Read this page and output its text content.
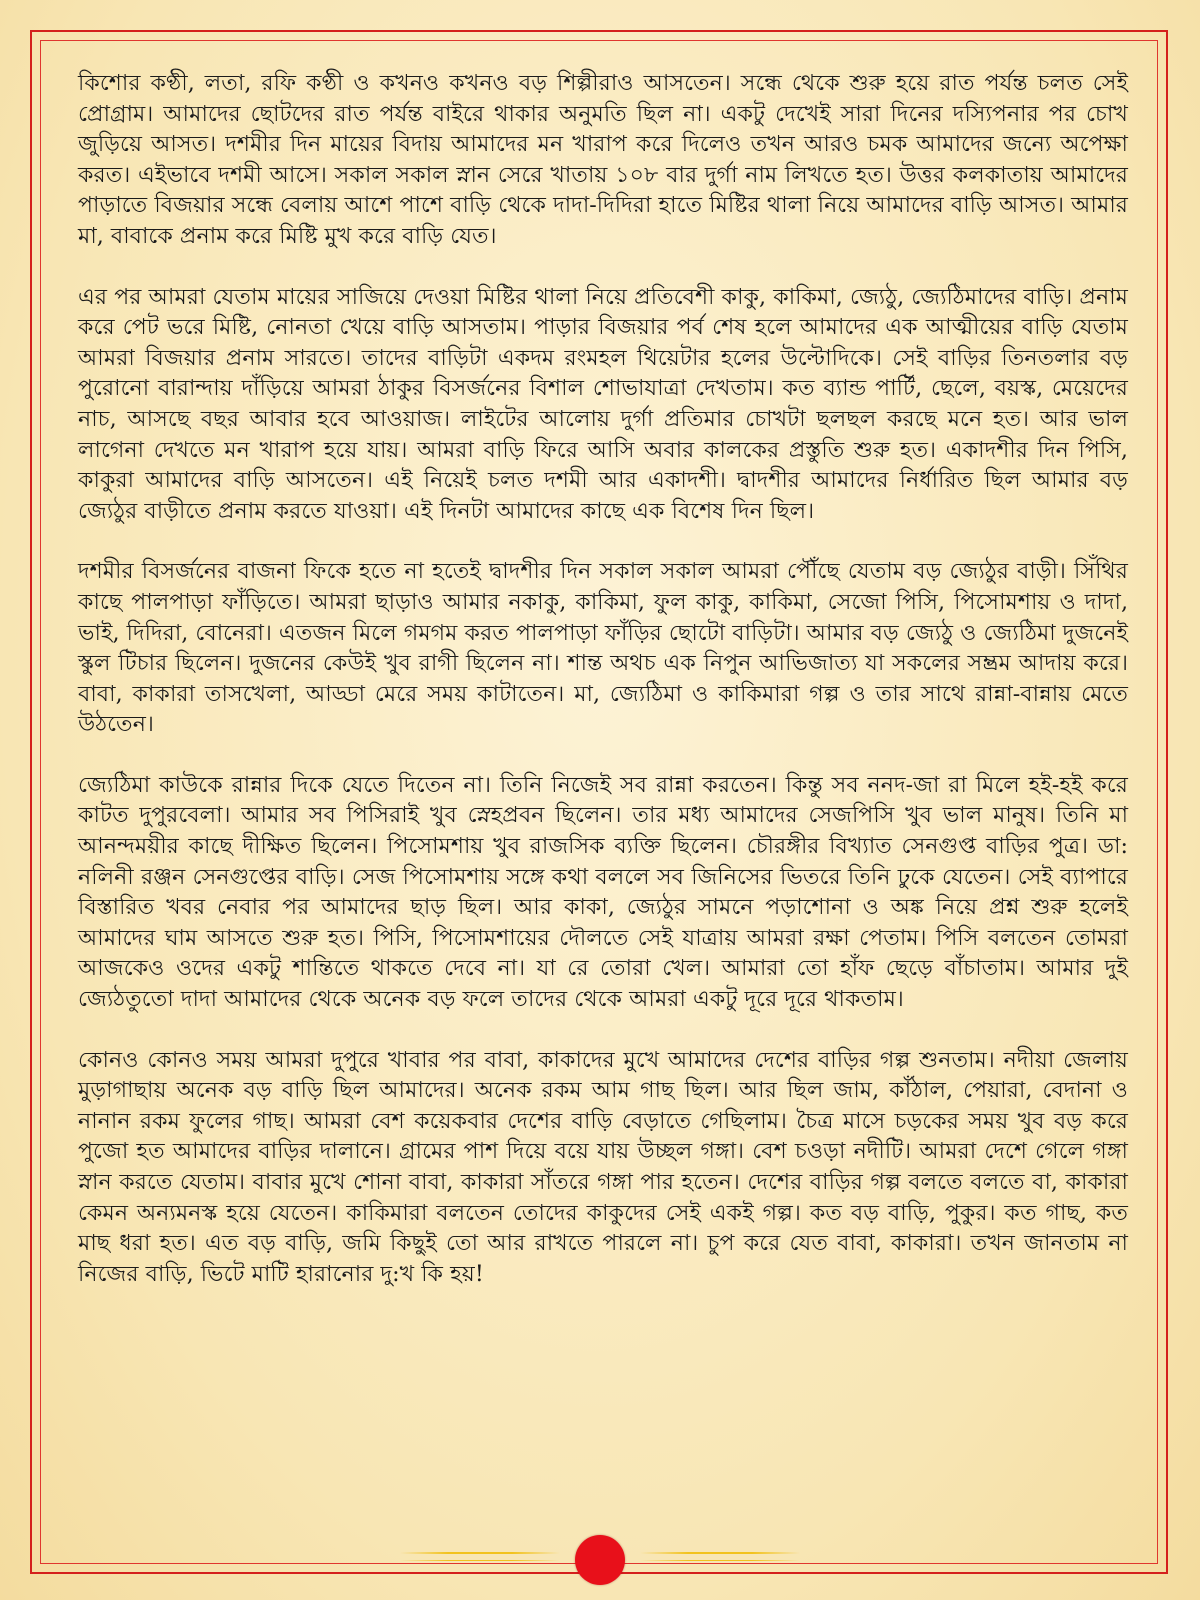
কিশোর কণ্ঠী, লতা, রফি কণ্ঠী ও কখনও কখনও বড় শিল্পীরাও আসতেন। সন্ধে থেকে শুরু হয়ে রাত পর্যন্ত চলত সেই প্রোগ্রাম। আমাদের ছোটদের রাত পর্যন্ত বাইরে থাকার অনুমতি ছিল না। একটু দেখেই সারা দিনের দস্যিপনার পর চোখ জুড়িয়ে আসত। দশমীর দিন মায়ের বিদায় আমাদের মন খারাপ করে দিলেও তখন আরও চমক আমাদের জন্যে অপেক্ষা করত। এইভাবে দশমী আসে। সকাল সকাল স্নান সেরে খাতায় ১০৮ বার দুর্গা নাম লিখতে হত। উত্তর কলকাতায় আমাদের পাড়াতে বিজয়ার সন্ধে বেলায় আশে পাশে বাড়ি থেকে দাদা-দিদিরা হাতে মিষ্টির থালা নিয়ে আমাদের বাড়ি আসত। আমার মা, বাবাকে প্রনাম করে মিষ্টি মুখ করে বাড়ি যেত।

এর পর আমরা যেতাম মায়ের সাজিয়ে দেওয়া মিষ্টির থালা নিয়ে প্রতিবেশী কাকু, কাকিমা, জ্যেঠু, জ্যেঠিমাদের বাড়ি। প্রনাম করে পেট ভরে মিষ্টি, নোনতা খেয়ে বাড়ি আসতাম। পাড়ার বিজয়ার পর্ব শেষ হলে আমাদের এক আত্মীয়ের বাড়ি যেতাম আমরা বিজয়ার প্রনাম সারতে। তাদের বাড়িটা একদম রংমহল থিয়েটার হলের উল্টোদিকে। সেই বাড়ির তিনতলার বড় পুরোনো বারান্দায় দাঁড়িয়ে আমরা ঠাকুর বিসর্জনের বিশাল শোভাযাত্রা দেখতাম। কত ব্যান্ড পার্টি, ছেলে, বয়স্ক, মেয়েদের নাচ, আসছে বছর আবার হবে আওয়াজ। লাইটের আলোয় দুর্গা প্রতিমার চোখটা ছলছল করছে মনে হত। আর ভাল লাগেনা দেখতে মন খারাপ হয়ে যায়। আমরা বাড়ি ফিরে আসি অবার কালকের প্রস্তুতি শুরু হত। একাদশীর দিন পিসি, কাকুরা আমাদের বাড়ি আসতেন। এই নিয়েই চলত দশমী আর একাদশী। দ্বাদশীর আমাদের নির্ধারিত ছিল আমার বড় জ্যেঠুর বাড়ীতে প্রনাম করতে যাওয়া। এই দিনটা আমাদের কাছে এক বিশেষ দিন ছিল।

দশমীর বিসর্জনের বাজনা ফিকে হতে না হতেই দ্বাদশীর দিন সকাল সকাল আমরা পৌঁছে যেতাম বড় জ্যেঠুর বাড়ী। সিঁথির কাছে পালপাড়া ফাঁড়িতে। আমরা ছাড়াও আমার নকাকু, কাকিমা, ফুল কাকু, কাকিমা, সেজো পিসি, পিসোমশায় ও দাদা, ভাই, দিদিরা, বোনেরা। এতজন মিলে গমগম করত পালপাড়া ফাঁড়ির ছোটো বাড়িটা। আমার বড় জ্যেঠু ও জ্যেঠিমা দুজনেই স্কুল টিচার ছিলেন। দুজনের কেউই খুব রাগী ছিলেন না। শান্ত অথচ এক নিপুন আভিজাত্য যা সকলের সম্ভ্রম আদায় করে। বাবা, কাকারা তাসখেলা, আড্ডা মেরে সময় কাটাতেন। মা, জ্যেঠিমা ও কাকিমারা গল্প ও তার সাথে রান্না-বান্নায় মেতে উঠতেন।

জ্যেঠিমা কাউকে রান্নার দিকে যেতে দিতেন না। তিনি নিজেই সব রান্না করতেন। কিন্তু সব ননদ-জা রা মিলে হই-হই করে কাটত দুপুরবেলা। আমার সব পিসিরাই খুব স্নেহপ্রবন ছিলেন। তার মধ্য আমাদের সেজপিসি খুব ভাল মানুষ। তিনি মা আনন্দময়ীর কাছে দীক্ষিত ছিলেন। পিসোমশায় খুব রাজসিক ব্যক্তি ছিলেন। চৌরঙ্গীর বিখ্যাত সেনগুপ্ত বাড়ির পুত্র। ডা: নলিনী রঞ্জন সেনগুপ্তের বাড়ি। সেজ পিসোমশায় সঙ্গে কথা বললে সব জিনিসের ভিতরে তিনি ঢুকে যেতেন। সেই ব্যাপারে বিস্তারিত খবর নেবার পর আমাদের ছাড় ছিল। আর কাকা, জ্যেঠুর সামনে পড়াশোনা ও অঙ্ক নিয়ে প্রশ্ন শুরু হলেই আমাদের ঘাম আসতে শুরু হত। পিসি, পিসোমশায়ের দৌলতে সেই যাত্রায় আমরা রক্ষা পেতাম। পিসি বলতেন তোমরা আজকেও ওদের একটু শান্তিতে থাকতে দেবে না। যা রে তোরা খেল। আমারা তো হাঁফ ছেড়ে বাঁচাতাম। আমার দুই জ্যেঠতুতো দাদা আমাদের থেকে অনেক বড় ফলে তাদের থেকে আমরা একটু দূরে দূরে থাকতাম।

কোনও কোনও সময় আমরা দুপুরে খাবার পর বাবা, কাকাদের মুখে আমাদের দেশের বাড়ির গল্প শুনতাম। নদীয়া জেলায় মুড়াগাছায় অনেক বড় বাড়ি ছিল আমাদের। অনেক রকম আম গাছ ছিল। আর ছিল জাম, কাঁঠাল, পেয়ারা, বেদানা ও নানান রকম ফুলের গাছ। আমরা বেশ কয়েকবার দেশের বাড়ি বেড়াতে গেছিলাম। চৈত্র মাসে চড়কের সময় খুব বড় করে পুজো হত আমাদের বাড়ির দালানে। গ্রামের পাশ দিয়ে বয়ে যায় উচ্ছল গঙ্গা। বেশ চওড়া নদীটি। আমরা দেশে গেলে গঙ্গা স্নান করতে যেতাম। বাবার মুখে শোনা বাবা, কাকারা সাঁতরে গঙ্গা পার হতেন। দেশের বাড়ির গল্প বলতে বলতে বা, কাকারা কেমন অন্যমনস্ক হয়ে যেতেন। কাকিমারা বলতেন তোদের কাকুদের সেই একই গল্প। কত বড় বাড়ি, পুকুর। কত গাছ, কত মাছ ধরা হত। এত বড় বাড়ি, জমি কিছুই তো আর রাখতে পারলে না। চুপ করে যেত বাবা, কাকারা। তখন জানতাম না নিজের বাড়ি, ভিটে মাটি হারানোর দু:খ কি হয়!
